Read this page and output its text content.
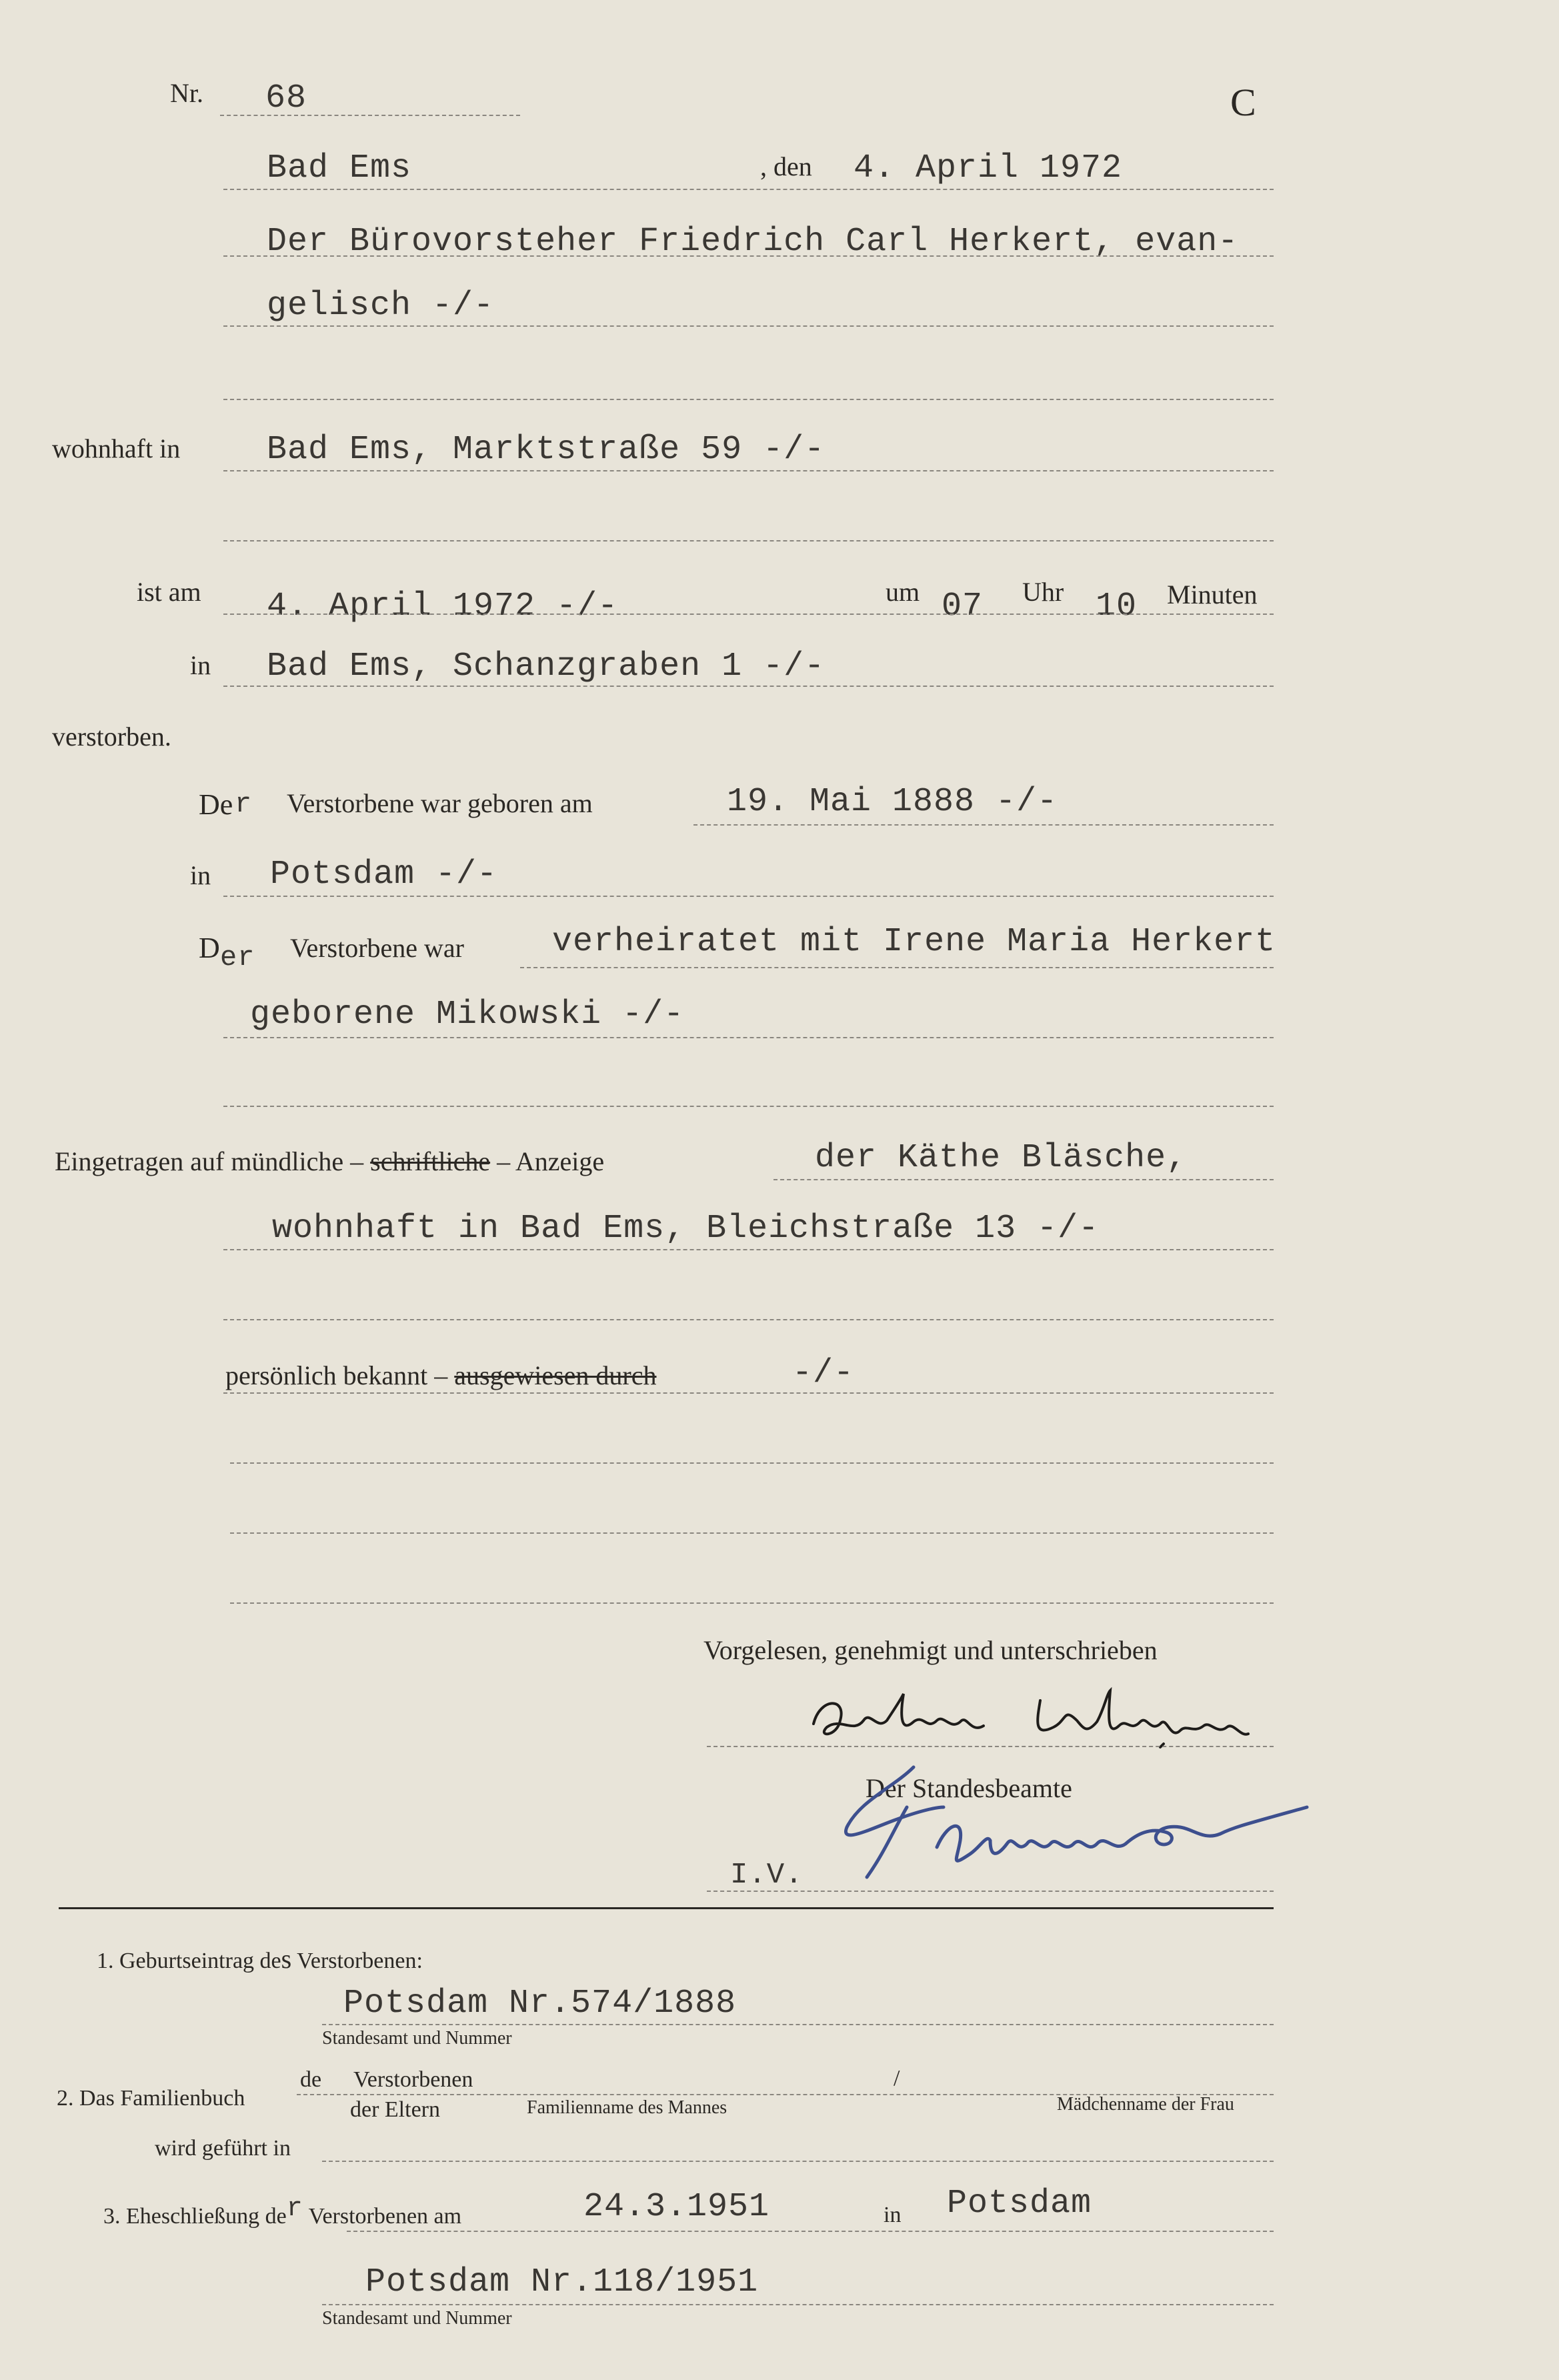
Nr. 68	C
Bad Ems	, den 4. April 1972
Der Bürovorsteher Friedrich Carl Herkert, evan-
gelisch -/-
wohnhaft in	Bad Ems, Marktstraße 59 -/-
ist am 4. April 1972 -/-	um 07 Uhr 10 Minuten
in Bad Ems, Schanzgraben 1 -/-
verstorben.
De r Verstorbene war geboren am	19. Mai 1888 -/-
in Potsdam -/-
D er Verstorbene war	verheiratet mit Irene Maria Herkert
geborene Mikowski -/-
Eingetragen auf mündliche – schriftliche – Anzeige	der Käthe Bläsche,
wohnhaft in Bad Ems, Bleichstraße 13 -/-
persönlich bekannt – ausgewiesen durch	-/-
Vorgelesen, genehmigt und unterschrieben
Der Standesbeamte
I.V.
1. Geburtseintrag des Verstorbenen:
Potsdam Nr.574/1888
Standesamt und Nummer
de Verstorbenen	/
2. Das Familienbuch	der Eltern	Familienname des Mannes	Mädchenname der Frau
wird geführt in
3. Eheschließung der Verstorbenen am	24.3.1951	in Potsdam
Potsdam Nr.118/1951
Standesamt und Nummer
